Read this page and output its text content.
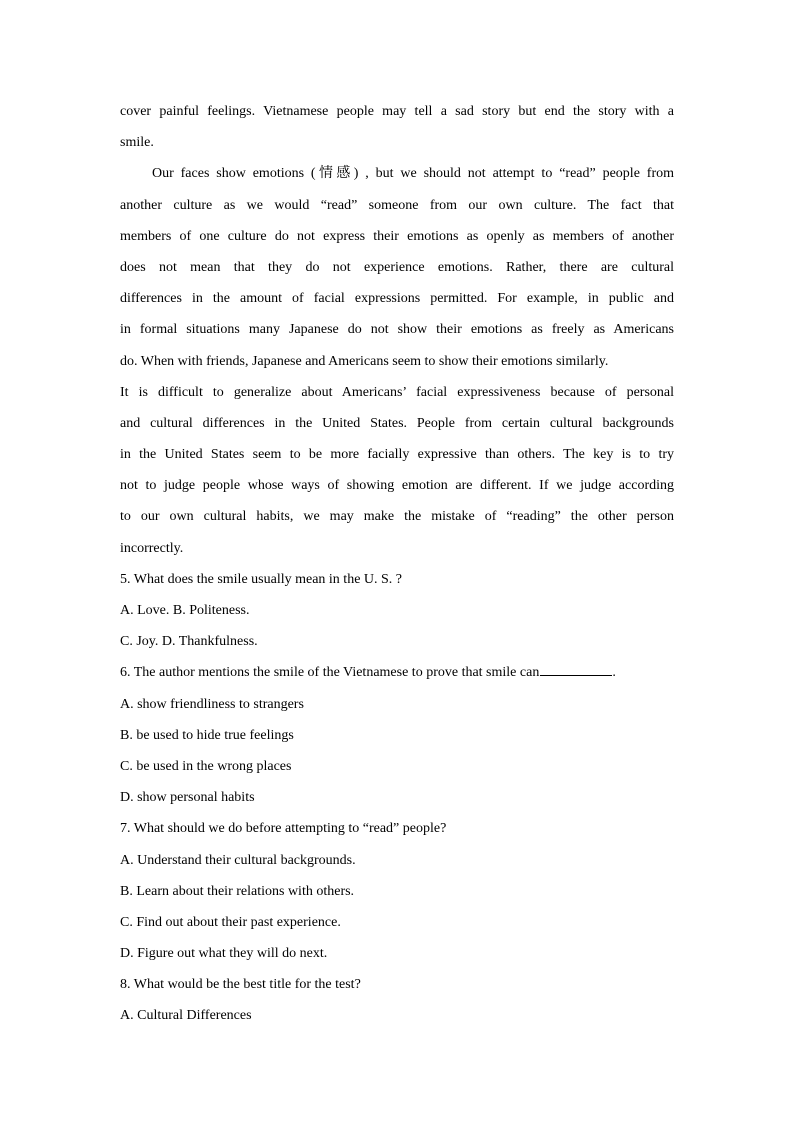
cover painful feelings. Vietnamese people may tell a sad story but end the story with a
smile.
Our faces show emotions (情感) , but we should not attempt to “read” people from
another culture as we would “read” someone from our own culture. The fact that
members of one culture do not express their emotions as openly as members of another
does not mean that they do not experience emotions. Rather, there are cultural
differences in the amount of facial expressions permitted. For example, in public and
in formal situations many Japanese do not show their emotions as freely as Americans
do. When with friends, Japanese and Americans seem to show their emotions similarly.
It is difficult to generalize about Americans’ facial expressiveness because of personal
and cultural differences in the United States. People from certain cultural backgrounds
in the United States seem to be more facially expressive than others. The key is to try
not to judge people whose ways of showing emotion are different. If we judge according
to our own cultural habits, we may make the mistake of “reading” the other person
incorrectly.
5. What does the smile usually mean in the U. S. ?
A. Love. B. Politeness.
C. Joy. D. Thankfulness.
6. The author mentions the smile of the Vietnamese to prove that smile can	.
A. show friendliness to strangers
B. be used to hide true feelings
C. be used in the wrong places
D. show personal habits
7. What should we do before attempting to “read” people?
A. Understand their cultural backgrounds.
B. Learn about their relations with others.
C. Find out about their past experience.
D. Figure out what they will do next.
8. What would be the best title for the test?
A. Cultural Differences
